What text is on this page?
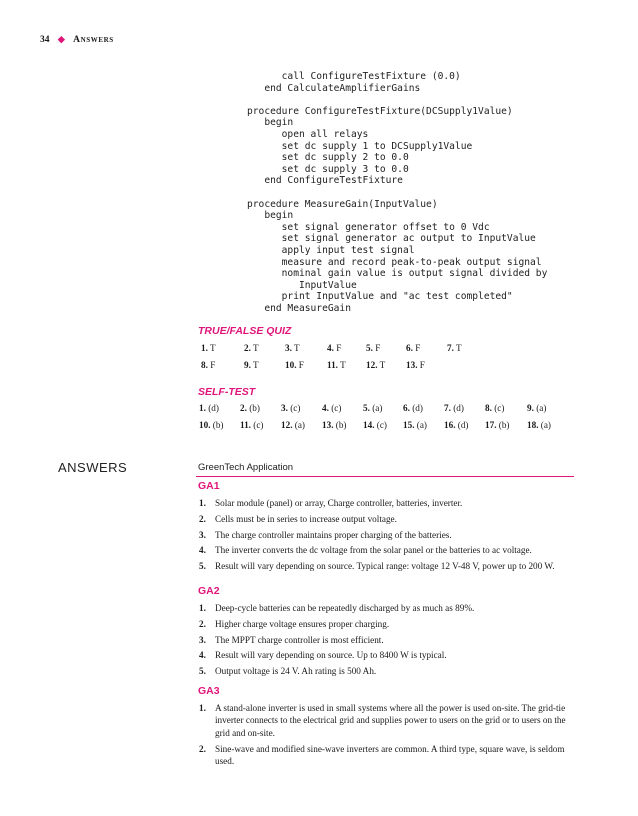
34 ◆ Answers
call ConfigureTestFixture (0.0)
end CalculateAmplifierGains
procedure ConfigureTestFixture(DCSupply1Value)
begin
open all relays
set dc supply 1 to DCSupply1Value
set dc supply 2 to 0.0
set dc supply 3 to 0.0
end ConfigureTestFixture
procedure MeasureGain(InputValue)
begin
set signal generator offset to 0 Vdc
set signal generator ac output to InputValue
apply input test signal
measure and record peak-to-peak output signal
nominal gain value is output signal divided by
InputValue
print InputValue and "ac test completed"
end MeasureGain
TRUE/FALSE QUIZ
1. T	2. T	3. T	4. F	5. F	6. F	7. T
8. F	9. T	10. F	11. T 12. T 13. F
SELF-TEST
1. (d) 2. (b) 3. (c) 4. (c) 5. (a) 6. (d) 7. (d) 8. (c) 9. (a)
10. (b) 11. (c) 12. (a) 13. (b) 14. (c) 15. (a) 16. (d) 17. (b) 18. (a)
ANSWERS	GreenTech Application
GA1
1. Solar module (panel) or array, Charge controller, batteries, inverter.
2. Cells must be in series to increase output voltage.
3. The charge controller maintains proper charging of the batteries.
4. The inverter converts the dc voltage from the solar panel or the batteries to ac voltage.
5. Result will vary depending on source. Typical range: voltage 12 V-48 V, power up to 200 W.
GA2
1. Deep-cycle batteries can be repeatedly discharged by as much as 89%.
2. Higher charge voltage ensures proper charging.
3. The MPPT charge controller is most efficient.
4. Result will vary depending on source. Up to 8400 W is typical.
5. Output voltage is 24 V. Ah rating is 500 Ah.
GA3
1. A stand-alone inverter is used in small systems where all the power is used on-site. The grid-tie inverter connects to the electrical grid and supplies power to users on the grid or to users on the grid and on-site.
2. Sine-wave and modified sine-wave inverters are common. A third type, square wave, is seldom used.
